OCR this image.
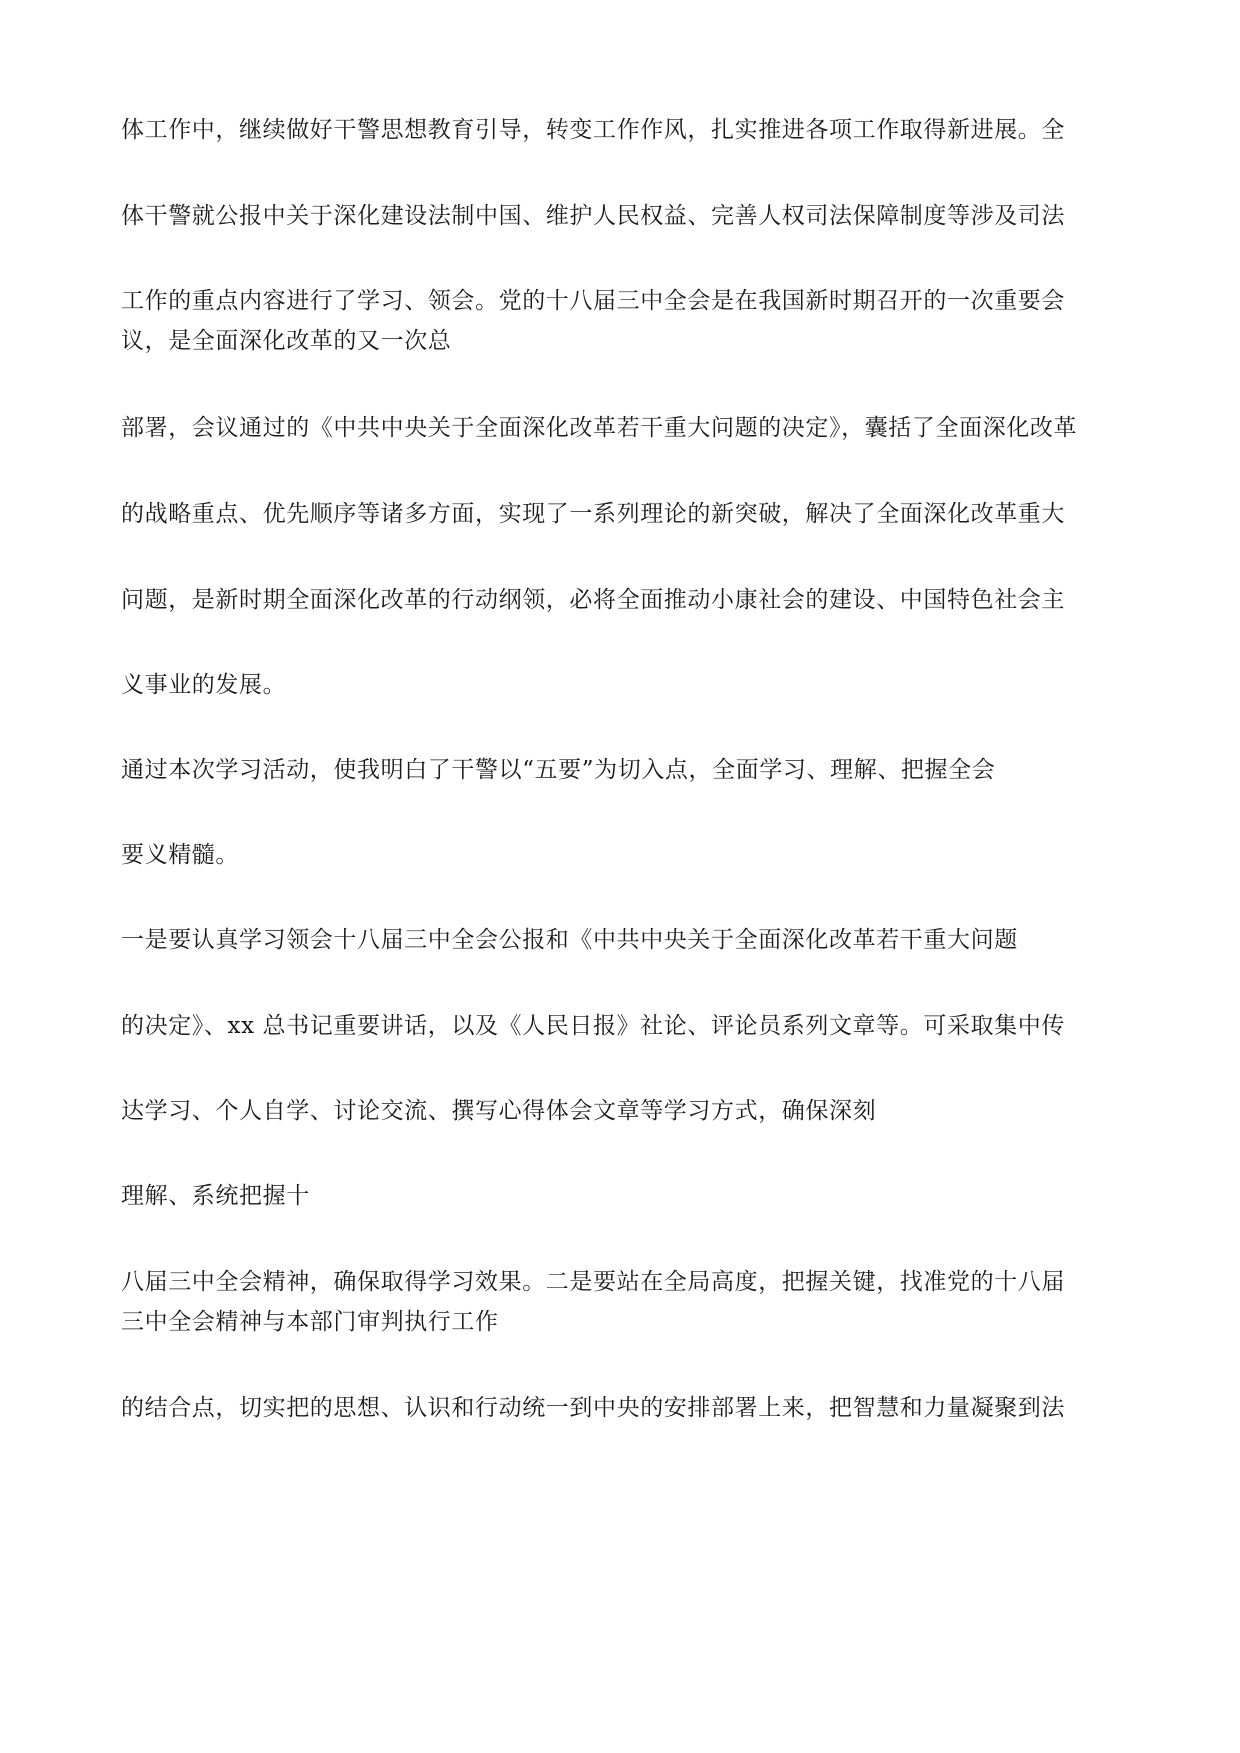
体工作中，继续做好干警思想教育引导，转变工作作风，扎实推进各项工作取得新进展。全

体干警就公报中关于深化建设法制中国、维护人民权益、完善人权司法保障制度等涉及司法

工作的重点内容进行了学习、领会。党的十八届三中全会是在我国新时期召开的一次重要会

议，是全面深化改革的又一次总

部署，会议通过的《中共中央关于全面深化改革若干重大问题的决定》，囊括了全面深化改革

的战略重点、优先顺序等诸多方面，实现了一系列理论的新突破，解决了全面深化改革重大

问题，是新时期全面深化改革的行动纲领，必将全面推动小康社会的建设、中国特色社会主

义事业的发展。

通过本次学习活动，使我明白了干警以“五要”为切入点，全面学习、理解、把握全会

要义精髓。

一是要认真学习领会十八届三中全会公报和《中共中央关于全面深化改革若干重大问题

的决定》、xx 总书记重要讲话，以及《人民日报》社论、评论员系列文章等。可采取集中传

达学习、个人自学、讨论交流、撰写心得体会文章等学习方式，确保深刻

理解、系统把握十

八届三中全会精神，确保取得学习效果。二是要站在全局高度，把握关键，找准党的十八届

三中全会精神与本部门审判执行工作

的结合点，切实把的思想、认识和行动统一到中央的安排部署上来，把智慧和力量凝聚到法
